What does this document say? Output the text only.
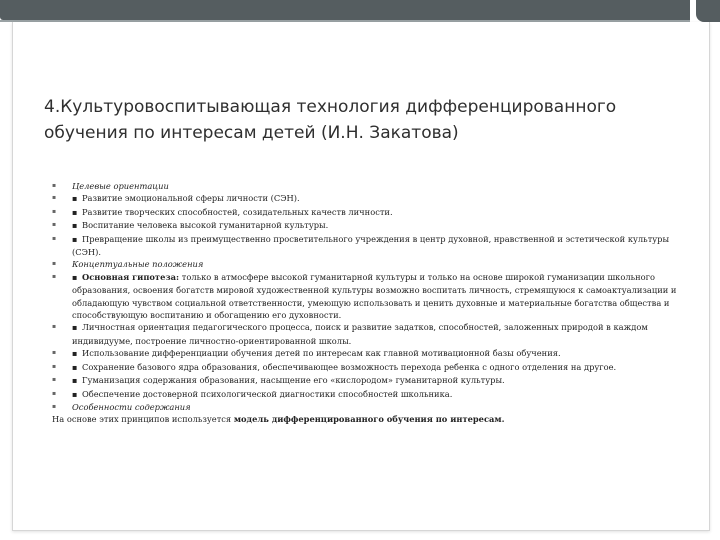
4.Культуровоспитывающая технология дифференцированного обучения по интересам детей (И.Н. Закатова)
▪	Целевые ориентации
▪	▪ Развитие эмоциональной сферы личности (СЭН).
▪	▪ Развитие творческих способностей, созидательных качеств личности.
▪	▪ Воспитание человека высокой гуманитарной культуры.
▪	▪ Превращение школы из преимущественно просветительного учреждения в центр духовной, нравственной и эстетической культуры (СЭН).
▪	Концептуальные положения
▪	▪ Основная гипотеза: только в атмосфере высокой гуманитарной культуры и только на основе широкой гуманизации школьного образования, освоения богатств мировой художественной культуры возможно воспитать личность, стремящуюся к самоактуализации и обладающую чувством социальной ответственности, умеющую использовать и ценить духовные и материальные богатства общества и способствующую воспитанию и обогащению его духовности.
▪	▪ Личностная ориентация педагогического процесса, поиск и развитие задатков, способностей, заложенных природой в каждом индивидууме, построение личностно-ориентированной школы.
▪	▪ Использование дифференциации обучения детей по интересам как главной мотивационной базы обучения.
▪	▪ Сохранение базового ядра образования, обеспечивающее возможность перехода ребенка с одного отделения на другое.
▪	▪ Гуманизация содержания образования, насыщение его «кислородом» гуманитарной культуры.
▪	▪ Обеспечение достоверной психологической диагностики способностей школьника.
▪	Особенности содержания
На основе этих принципов используется модель дифференцированного обучения по интересам.
